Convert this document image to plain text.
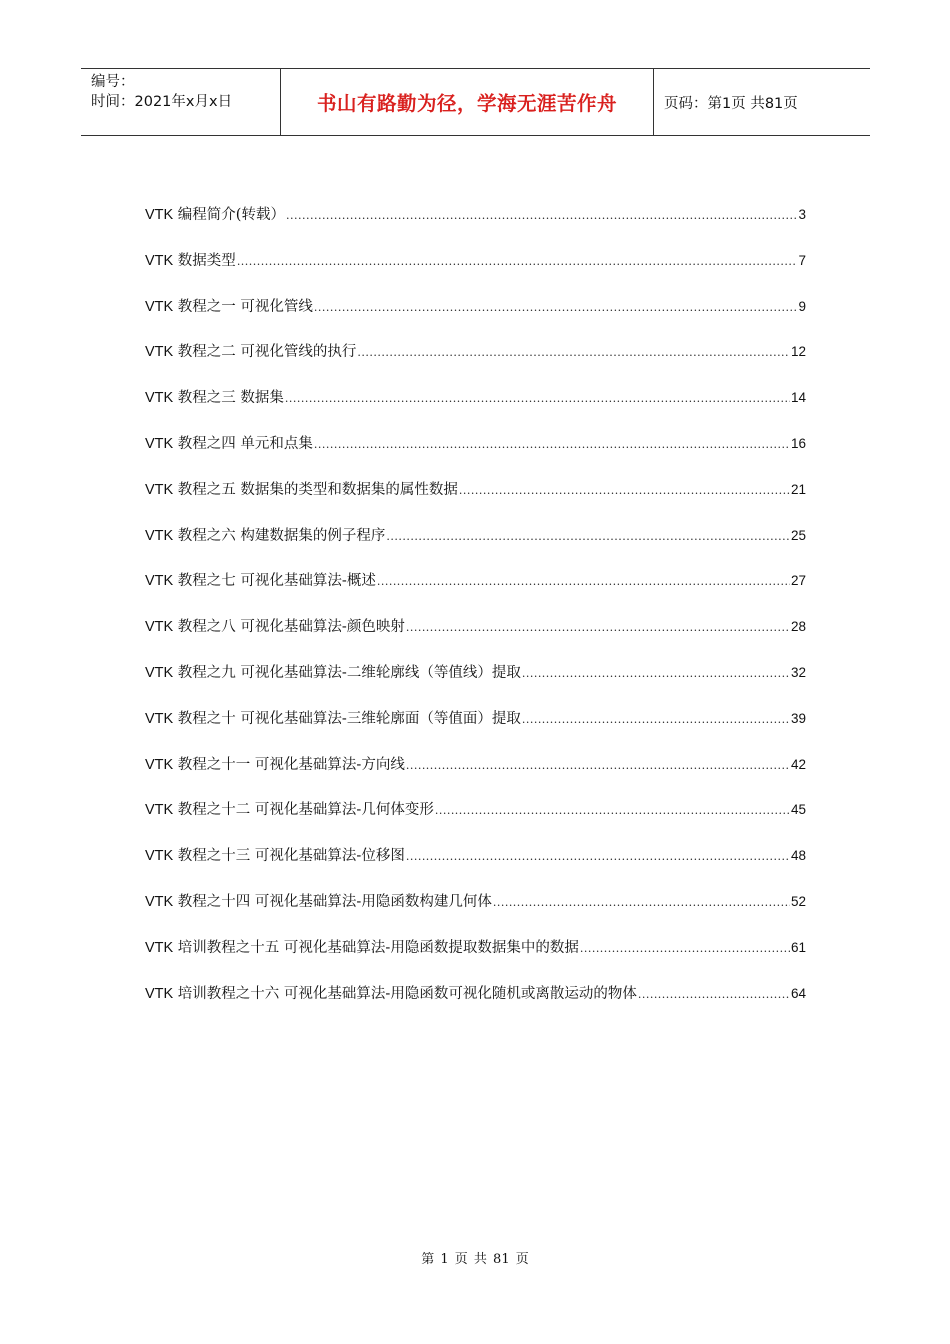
编号：
时间：2021年x月x日	书山有路勤为径，学海无涯苦作舟	页码：第1页 共81页
VTK 编程简介(转载） .....	3
VTK 数据类型 .....	7
VTK 教程之一 可视化管线 .....	9
VTK 教程之二 可视化管线的执行 .....	12
VTK 教程之三 数据集 .....	14
VTK 教程之四 单元和点集 .....	16
VTK 教程之五 数据集的类型和数据集的属性数据 .....	21
VTK 教程之六 构建数据集的例子程序 .....	25
VTK 教程之七 可视化基础算法-概述 .....	27
VTK 教程之八 可视化基础算法-颜色映射 .....	28
VTK 教程之九 可视化基础算法-二维轮廓线（等值线）提取 .....	32
VTK 教程之十 可视化基础算法-三维轮廓面（等值面）提取 .....	39
VTK 教程之十一 可视化基础算法-方向线 .....	42
VTK 教程之十二 可视化基础算法-几何体变形 .....	45
VTK 教程之十三 可视化基础算法-位移图 .....	48
VTK 教程之十四 可视化基础算法-用隐函数构建几何体 .....	52
VTK 培训教程之十五 可视化基础算法-用隐函数提取数据集中的数据 .....	61
VTK 培训教程之十六 可视化基础算法-用隐函数可视化随机或离散运动的物体 .....	64
第 1 页 共 81 页
